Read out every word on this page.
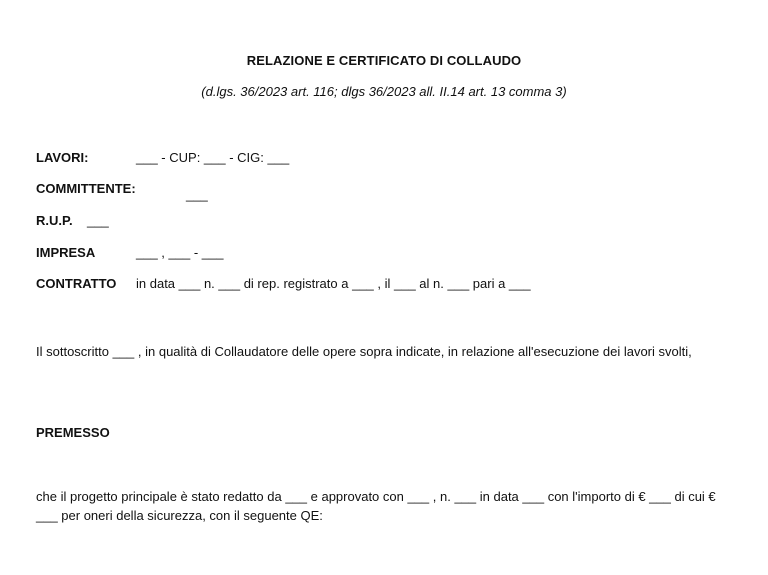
RELAZIONE E CERTIFICATO DI COLLAUDO
(d.lgs. 36/2023 art. 116; dlgs 36/2023 all. II.14 art. 13 comma 3)
LAVORI:	___ - CUP: ___ - CIG: ___
COMMITTENTE:	___
R.U.P. ___
IMPRESA	___ , ___ - ___
CONTRATTO in data ___ n. ___ di rep. registrato a ___ , il ___ al n. ___ pari a ___
Il sottoscritto ___ , in qualità di Collaudatore delle opere sopra indicate, in relazione all'esecuzione dei lavori svolti,
PREMESSO
che il progetto principale è stato redatto da ___ e approvato con ___ , n. ___ in data ___ con l'importo di € ___ di cui € ___ per oneri della sicurezza, con il seguente QE:
